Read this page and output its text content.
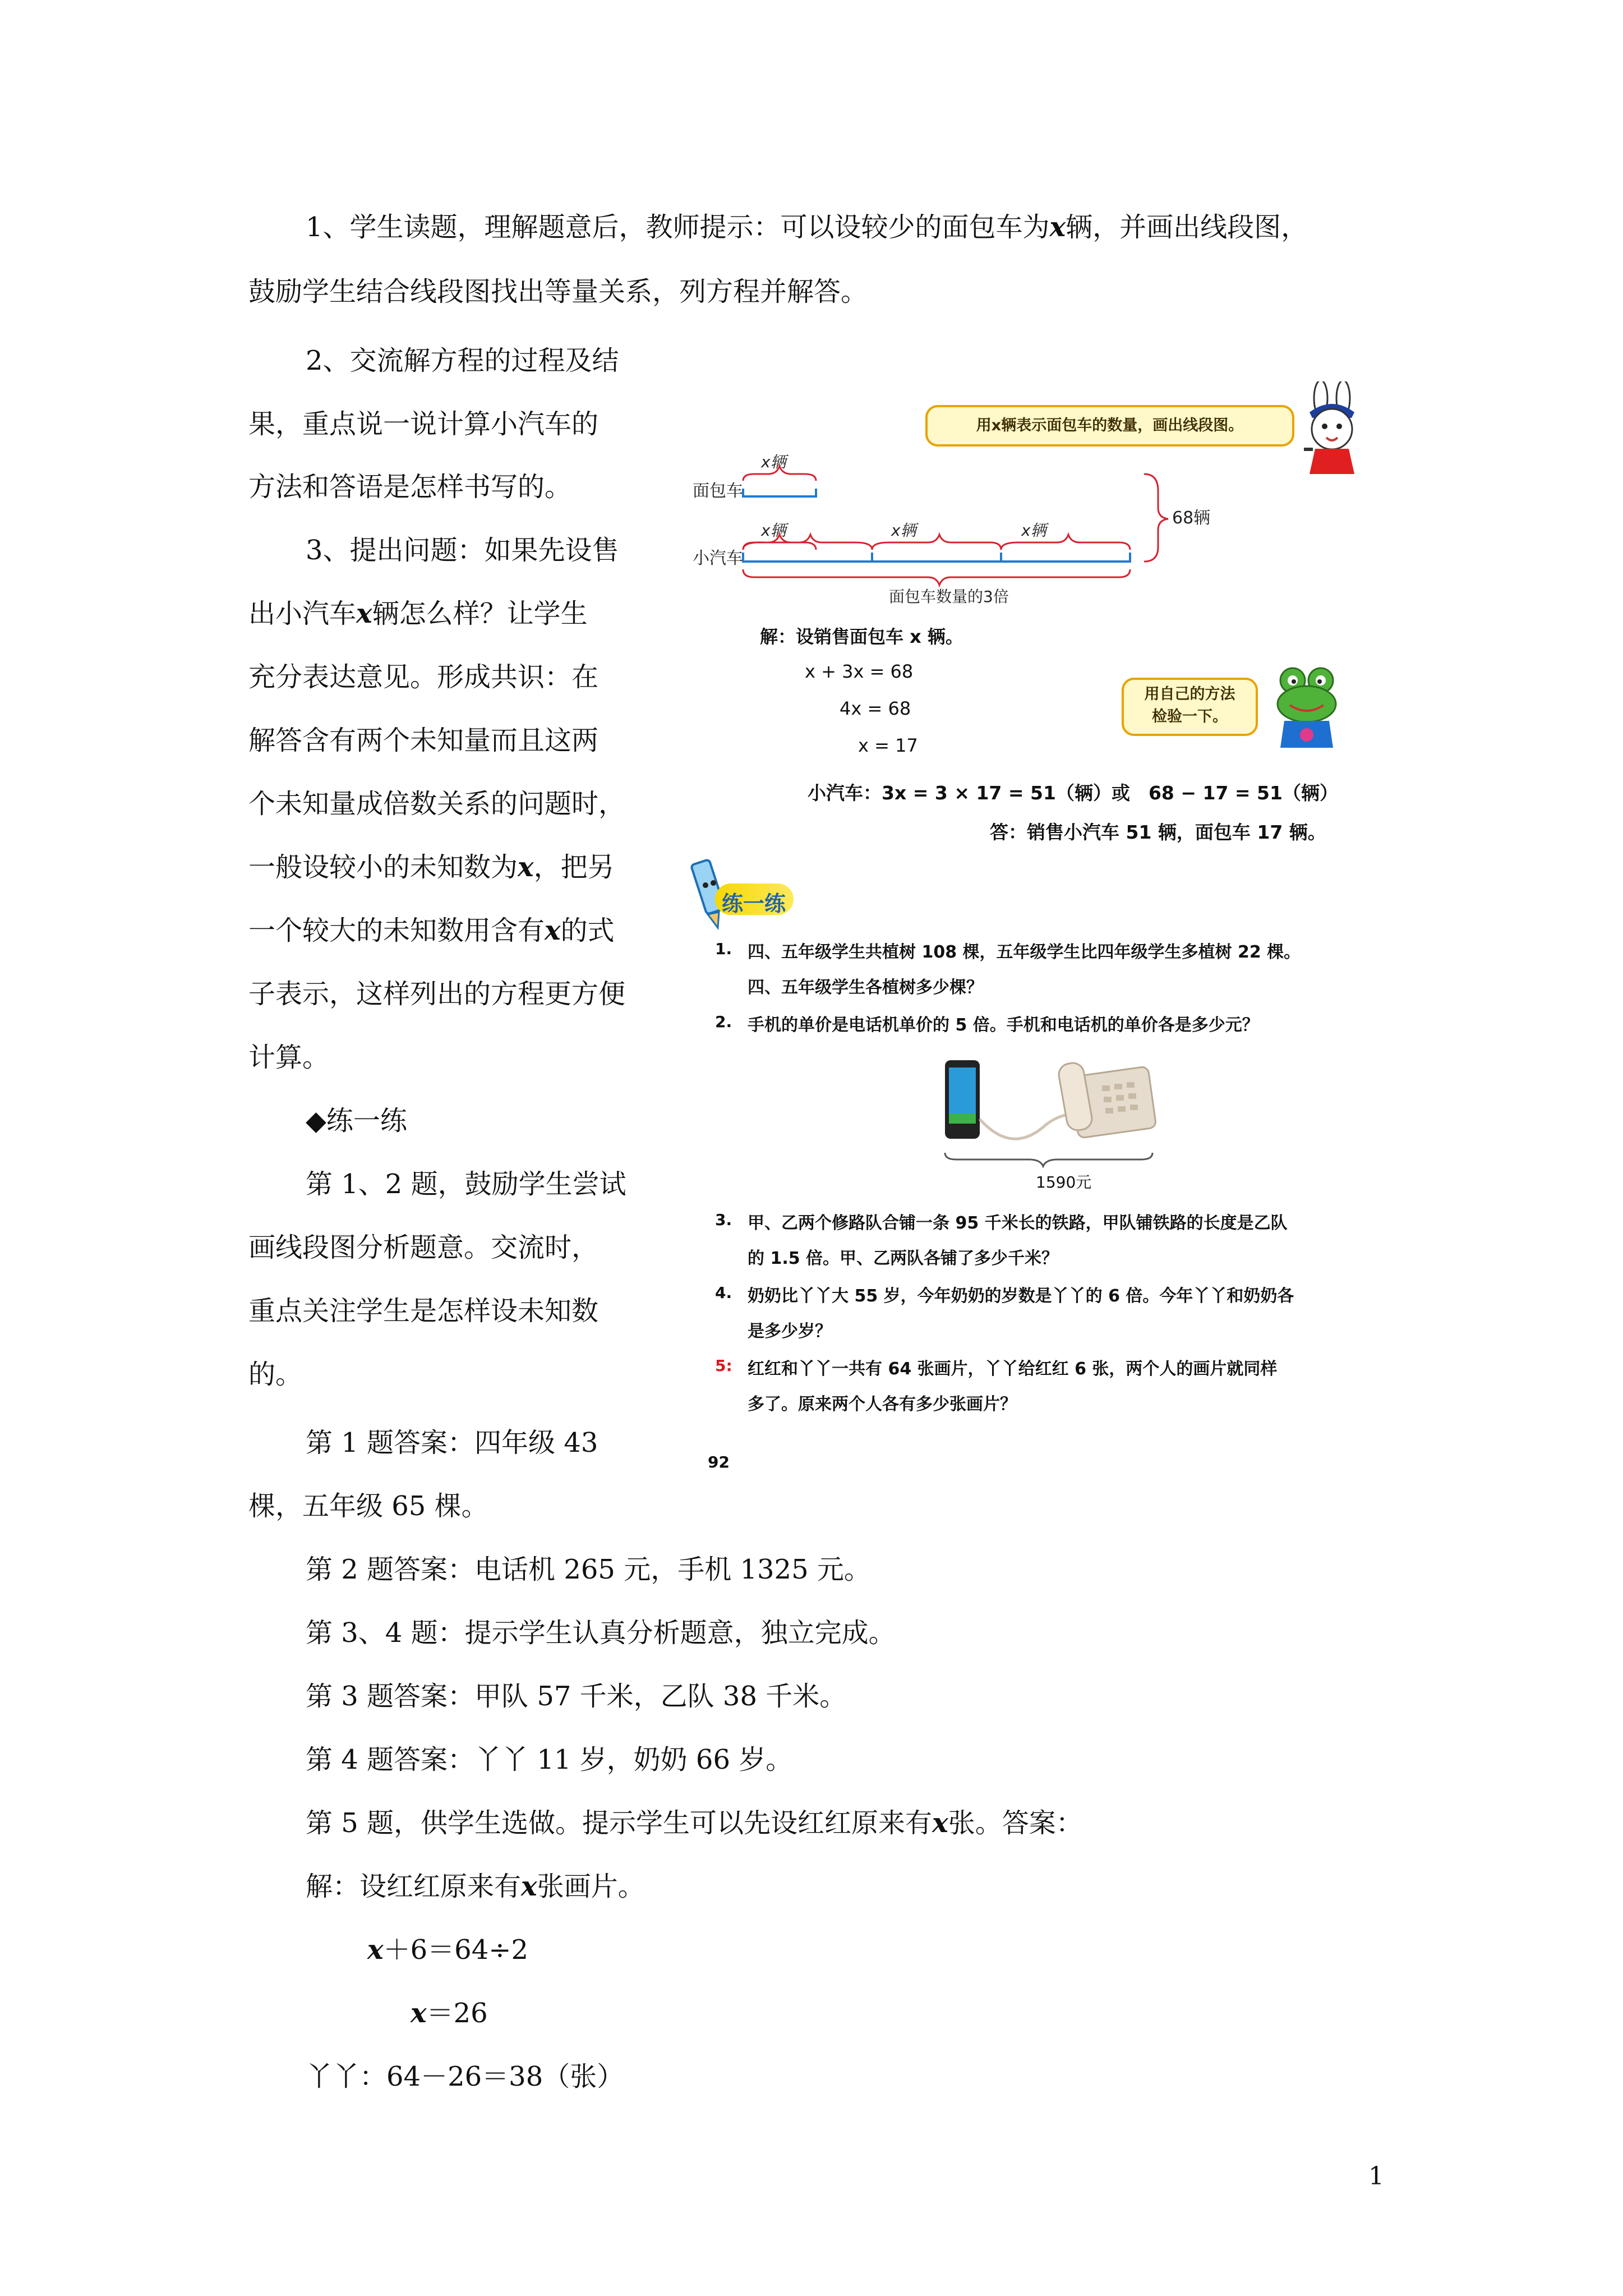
1、学生读题，理解题意后，教师提示：可以设较少的面包车为x辆，并画出线段图，
鼓励学生结合线段图找出等量关系，列方程并解答。
2、交流解方程的过程及结
果，重点说一说计算小汽车的
方法和答语是怎样书写的。
3、提出问题：如果先设售
出小汽车x辆怎么样？让学生
充分表达意见。形成共识：在
解答含有两个未知量而且这两
个未知量成倍数关系的问题时，
一般设较小的未知数为x，把另
一个较大的未知数用含有x的式
子表示，这样列出的方程更方便
计算。
◆练一练
第 1、2 题，鼓励学生尝试
画线段图分析题意。交流时，
重点关注学生是怎样设未知数
的。
第 1 题答案：四年级 43
棵，五年级 65 棵。
第 2 题答案：电话机 265 元，手机 1325 元。
第 3、4 题：提示学生认真分析题意，独立完成。
第 3 题答案：甲队 57 千米，乙队 38 千米。
第 4 题答案：丫丫 11 岁，奶奶 66 岁。
第 5 题，供学生选做。提示学生可以先设红红原来有x张。答案：
解：设红红原来有x张画片。
x＋6＝64÷2
x＝26
丫丫：64－26＝38（张）
1
用x辆表示面包车的数量，画出线段图。
x辆
面包车
x辆	x辆	x辆
小汽车
面包车数量的3倍
68辆
解：设销售面包车 x 辆。
x + 3x = 68
4x = 68
x = 17
用自己的方法
检验一下。
小汽车：3x = 3 × 17 = 51（辆）或　68 − 17 = 51（辆）
答：销售小汽车 51 辆，面包车 17 辆。
练一练
1. 四、五年级学生共植树 108 棵，五年级学生比四年级学生多植树 22 棵。
四、五年级学生各植树多少棵？
2. 手机的单价是电话机单价的 5 倍。手机和电话机的单价各是多少元？
1590元
3. 甲、乙两个修路队合铺一条 95 千米长的铁路，甲队铺铁路的长度是乙队
的 1.5 倍。甲、乙两队各铺了多少千米？
4. 奶奶比丫丫大 55 岁，今年奶奶的岁数是丫丫的 6 倍。今年丫丫和奶奶各
是多少岁？
5: 红红和丫丫一共有 64 张画片，丫丫给红红 6 张，两个人的画片就同样
多了。原来两个人各有多少张画片？
92
